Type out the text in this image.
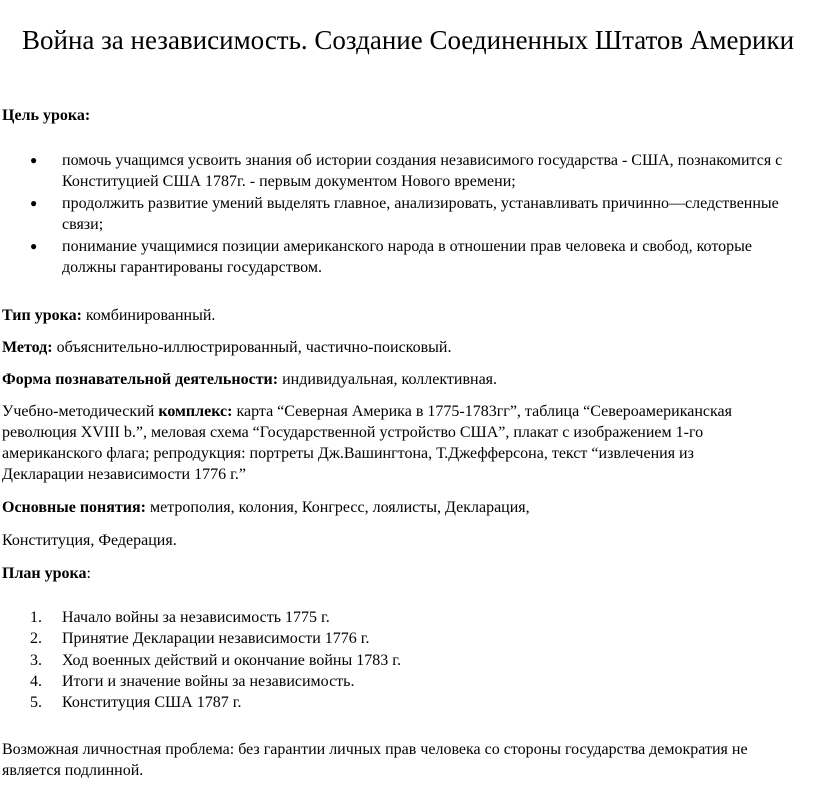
Война за независимость. Создание Соединенных Штатов Америки
Цель урока:
● помочь учащимся усвоить знания об истории создания независимого государства - США, познакомится с Конституцией США 1787г. - первым документом Нового времени;
● продолжить развитие умений выделять главное, анализировать, устанавливать причинно—следственные связи;
● понимание учащимися позиции американского народа в отношении прав человека и свобод, которые должны гарантированы государством.
Тип урока: комбинированный.
Метод: объяснительно-иллюстрированный, частично-поисковый.
Форма познавательной деятельности: индивидуальная, коллективная.
Учебно-методический комплекс: карта “Северная Америка в 1775-1783гг”, таблица “Североамериканская революция XVIII b.”, меловая схема “Государственной устройство США”, плакат с изображением 1-го американского флага; репродукция: портреты Дж.Вашингтона, Т.Джефферсона, текст “извлечения из Декларации независимости 1776 г.”
Основные понятия: метрополия, колония, Конгресс, лоялисты, Декларация,
Конституция, Федерация.
План урока:
1.	Начало войны за независимость 1775 г.
2.	Принятие Декларации независимости 1776 г.
3.	Ход военных действий и окончание войны 1783 г.
4.	Итоги и значение войны за независимость.
5.	Конституция США 1787 г.
Возможная личностная проблема: без гарантии личных прав человека со стороны государства демократия не является подлинной.
